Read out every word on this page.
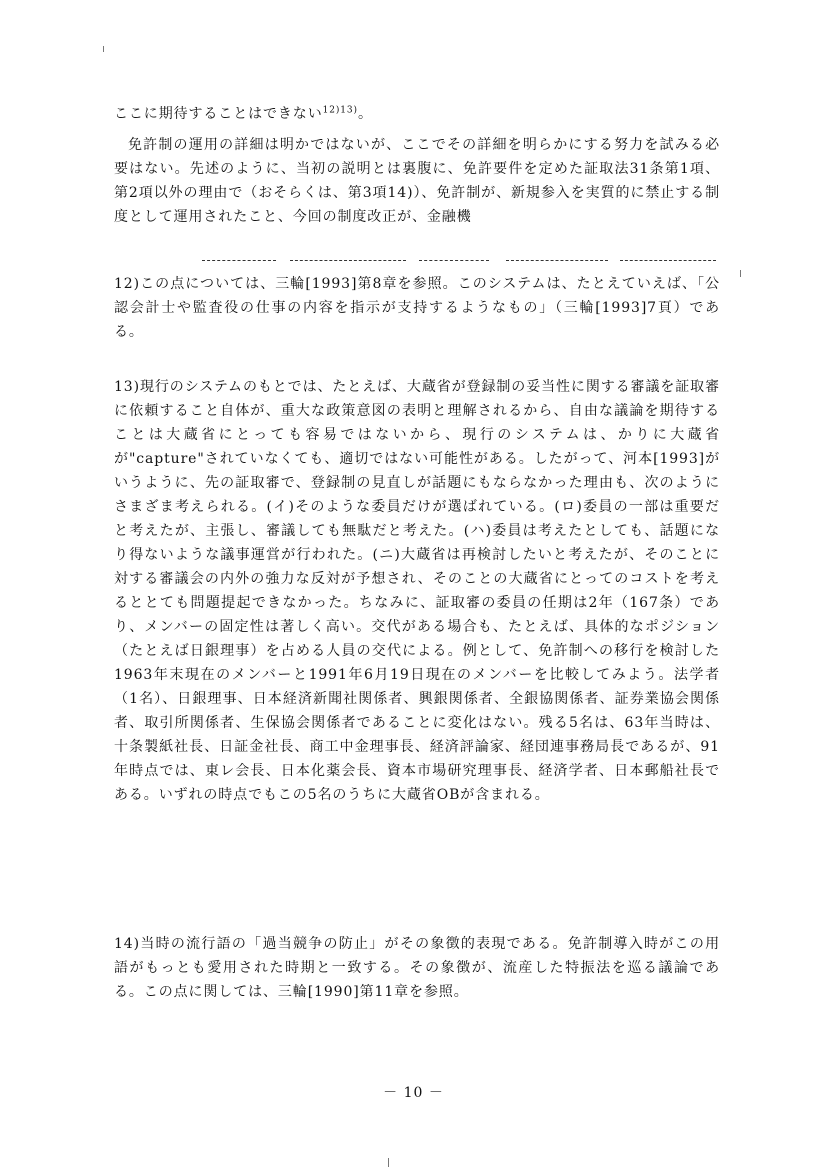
ここに期待することはできない$^{12)13)}$。
免許制の運用の詳細は明かではないが、ここでその詳細を明らかにする努力を試みる必要はない。先述のように、当初の説明とは裏腹に、免許要件を定めた証取法31条第1項、第2項以外の理由で（おそらくは、第3項14)）、免許制が、新規参入を実質的に禁止する制度として運用されたこと、今回の制度改正が、金融機
12)この点については、三輪[1993]第8章を参照。このシステムは、たとえていえば、「公認会計士や監査役の仕事の内容を指示が支持するようなもの」（三輪[1993]7頁）である。
13)現行のシステムのもとでは、たとえば、大蔵省が登録制の妥当性に関する審議を証取審に依頼すること自体が、重大な政策意図の表明と理解されるから、自由な議論を期待することは大蔵省にとっても容易ではないから、現行のシステムは、かりに大蔵省が"capture"されていなくても、適切ではない可能性がある。したがって、河本[1993]がいうように、先の証取審で、登録制の見直しが話題にもならなかった理由も、次のようにさまざま考えられる。(イ)そのような委員だけが選ばれている。(ロ)委員の一部は重要だと考えたが、主張し、審議しても無駄だと考えた。(ハ)委員は考えたとしても、話題になり得ないような議事運営が行われた。(ニ)大蔵省は再検討したいと考えたが、そのことに対する審議会の内外の強力な反対が予想され、そのことの大蔵省にとってのコストを考えるととても問題提起できなかった。ちなみに、証取審の委員の任期は2年（167条）であり、メンバーの固定性は著しく高い。交代がある場合も、たとえば、具体的なポジション（たとえば日銀理事）を占める人員の交代による。例として、免許制への移行を検討した1963年末現在のメンバーと1991年6月19日現在のメンバーを比較してみよう。法学者（1名）、日銀理事、日本経済新聞社関係者、興銀関係者、全銀協関係者、証券業協会関係者、取引所関係者、生保協会関係者であることに変化はない。残る5名は、63年当時は、十条製紙社長、日証金社長、商工中金理事長、経済評論家、経団連事務局長であるが、91年時点では、東レ会長、日本化薬会長、資本市場研究理事長、経済学者、日本郵船社長である。いずれの時点でもこの5名のうちに大蔵省OBが含まれる。
14)当時の流行語の「過当競争の防止」がその象徴的表現である。免許制導入時がこの用語がもっとも愛用された時期と一致する。その象徴が、流産した特振法を巡る議論である。この点に関しては、三輪[1990]第11章を参照。
－ 10 －
